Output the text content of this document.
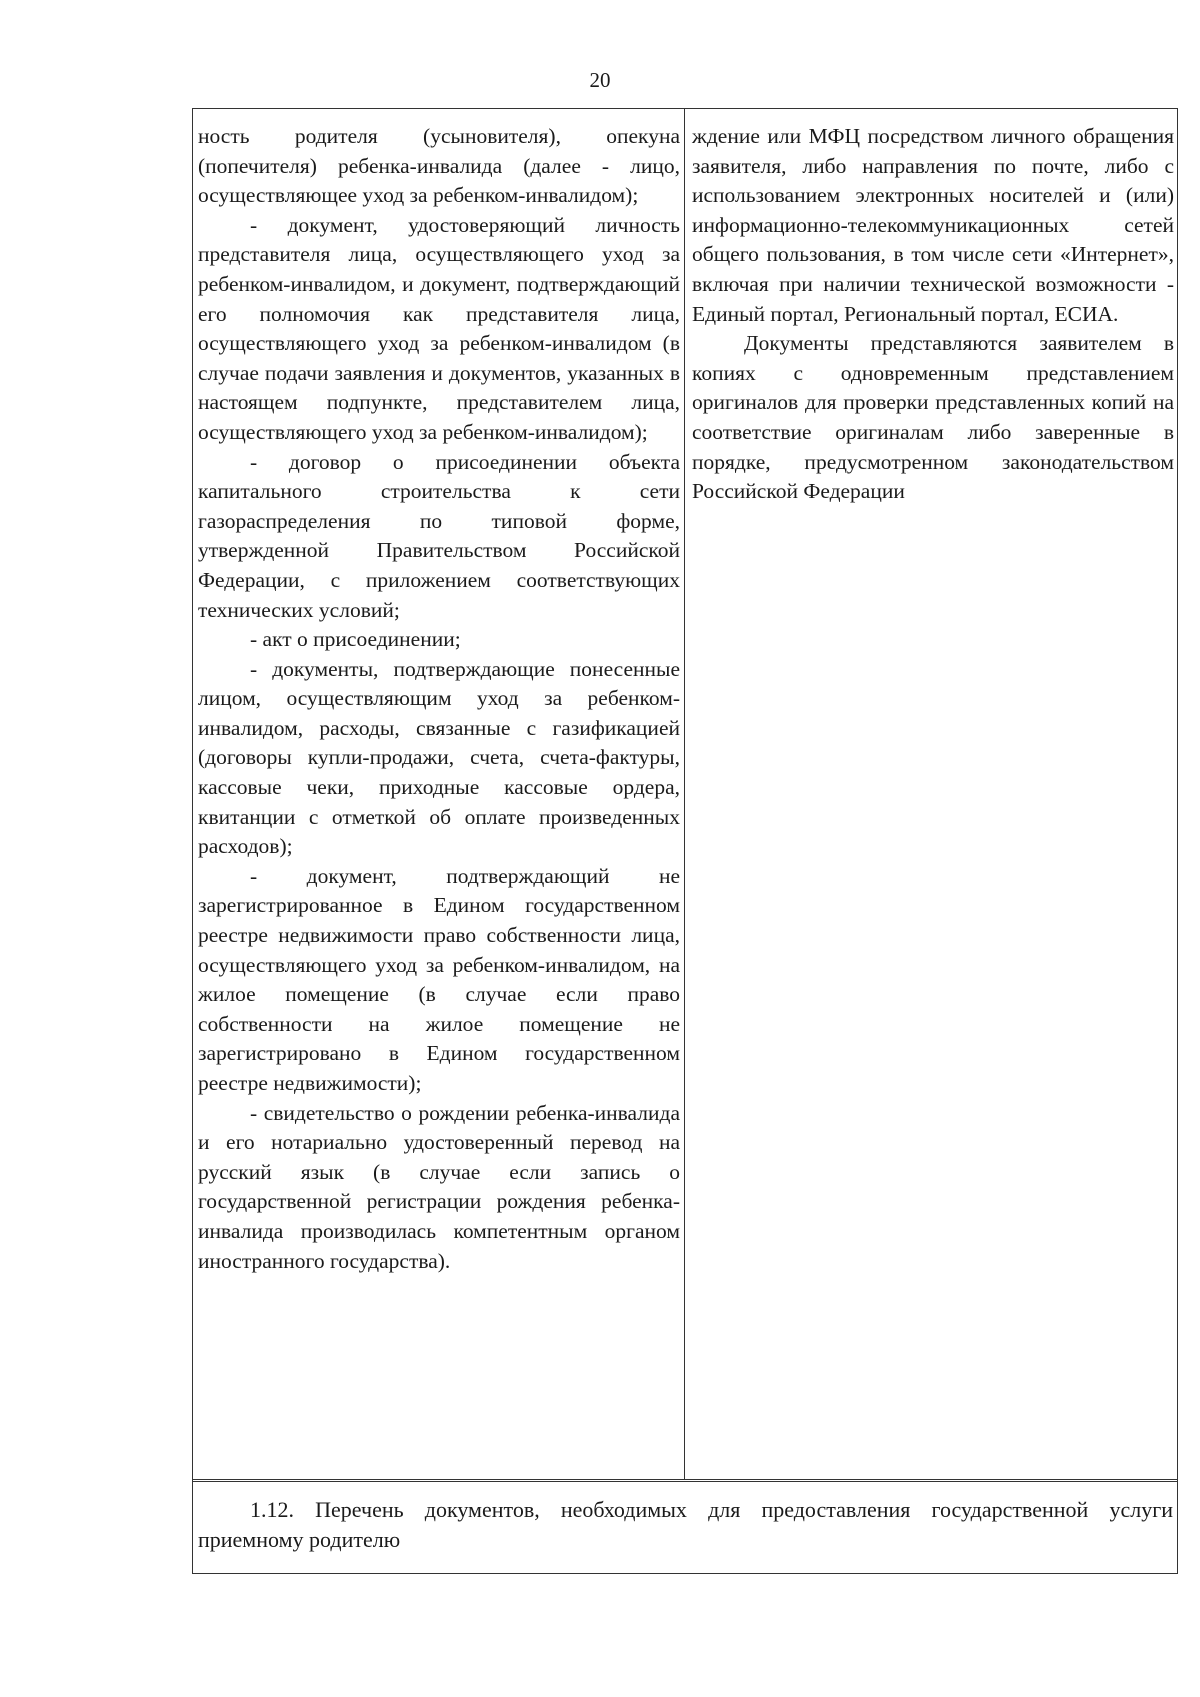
20

ность родителя (усыновителя), опекуна (попечителя) ребенка-инвалида (далее - лицо, осуществляющее уход за ребенком-инвалидом);

- документ, удостоверяющий личность представителя лица, осуществляющего уход за ребенком-инвалидом, и документ, подтверждающий его полномочия как представителя лица, осуществляющего уход за ребенком-инвалидом (в случае подачи заявления и документов, указанных в настоящем подпункте, представителем лица, осуществляющего уход за ребенком-инвалидом);

- договор о присоединении объекта капитального строительства к сети газораспределения по типовой форме, утвержденной Правительством Российской Федерации, с приложением соответствующих технических условий;

- акт о присоединении;

- документы, подтверждающие понесенные лицом, осуществляющим уход за ребенком-инвалидом, расходы, связанные с газификацией (договоры купли-продажи, счета, счета-фактуры, кассовые чеки, приходные кассовые ордера, квитанции с отметкой об оплате произведенных расходов);

- документ, подтверждающий не зарегистрированное в Едином государственном реестре недвижимости право собственности лица, осуществляющего уход за ребенком-инвалидом, на жилое помещение (в случае если право собственности на жилое помещение не зарегистрировано в Едином государственном реестре недвижимости);

- свидетельство о рождении ребенка-инвалида и его нотариально удостоверенный перевод на русский язык (в случае если запись о государственной регистрации рождения ребенка-инвалида производилась компетентным органом иностранного государства).

ждение или МФЦ посредством личного обращения заявителя, либо направления по почте, либо с использованием электронных носителей и (или) информационно-телекоммуникационных сетей общего пользования, в том числе сети «Интернет», включая при наличии технической возможности - Единый портал, Региональный портал, ЕСИА.

Документы представляются заявителем в копиях с одновременным представлением оригиналов для проверки представленных копий на соответствие оригиналам либо заверенные в порядке, предусмотренном законодательством Российской Федерации

1.12. Перечень документов, необходимых для предоставления государственной услуги приемному родителю
